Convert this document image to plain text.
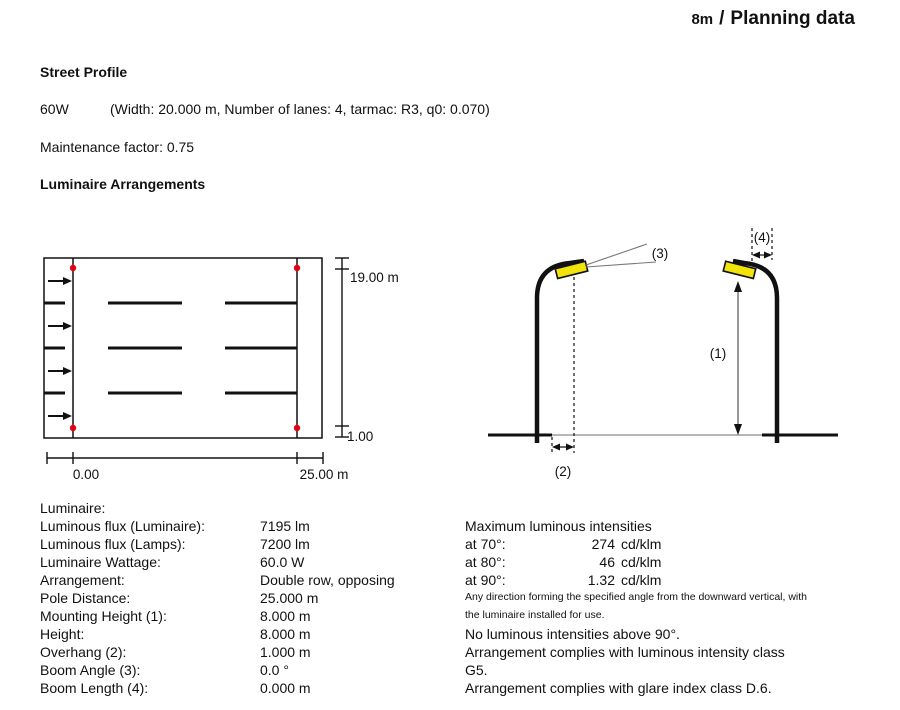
8m / Planning data
Street Profile
60W	(Width: 20.000 m, Number of lanes: 4, tarmac: R3, q0: 0.070)
Maintenance factor: 0.75
Luminaire Arrangements
19.00 m
1.00
0.00	25.00 m
(3)
(2)
(4)
(1)
Luminaire:
Luminous flux (Luminaire):	7195 lm
Luminous flux (Lamps):	7200 lm
Luminaire Wattage:	60.0 W
Arrangement:	Double row, opposing
Pole Distance:	25.000 m
Mounting Height (1):	8.000 m
Height:	8.000 m
Overhang (2):	1.000 m
Boom Angle (3):	0.0 °
Boom Length (4):	0.000 m
Maximum luminous intensities
at 70°:	274 cd/klm
at 80°:	46 cd/klm
at 90°:	1.32 cd/klm
Any direction forming the specified angle from the downward vertical, with
the luminaire installed for use.
No luminous intensities above 90°.
Arrangement complies with luminous intensity class
G5.
Arrangement complies with glare index class D.6.
